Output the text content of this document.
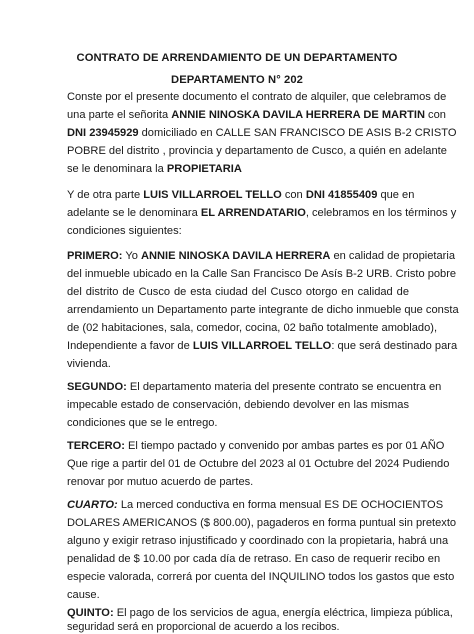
CONTRATO DE ARRENDAMIENTO DE UN DEPARTAMENTO
DEPARTAMENTO N° 202
Conste por el presente documento el contrato de alquiler, que celebramos de
una parte el señorita ANNIE NINOSKA DAVILA HERRERA DE MARTIN con
DNI 23945929 domiciliado en CALLE SAN FRANCISCO DE ASIS B-2 CRISTO
POBRE del distrito , provincia y departamento de Cusco, a quién en adelante
se le denominara la PROPIETARIA
Y de otra parte LUIS VILLARROEL TELLO con DNI 41855409 que en
adelante se le denominara EL ARRENDATARIO, celebramos en los términos y
condiciones siguientes:
PRIMERO: Yo ANNIE NINOSKA DAVILA HERRERA en calidad de propietaria
del inmueble ubicado en la Calle San Francisco De Asís B-2 URB. Cristo pobre
del distrito de Cusco de esta ciudad del Cusco otorgo en calidad de
arrendamiento un Departamento parte integrante de dicho inmueble que consta
de (02 habitaciones, sala, comedor, cocina, 02 baño totalmente amoblado),
Independiente a favor de LUIS VILLARROEL TELLO: que será destinado para
vivienda.
SEGUNDO: El departamento materia del presente contrato se encuentra en
impecable estado de conservación, debiendo devolver en las mismas
condiciones que se le entrego.
TERCERO: El tiempo pactado y convenido por ambas partes es por 01 AÑO
Que rige a partir del 01 de Octubre del 2023 al 01 Octubre del 2024 Pudiendo
renovar por mutuo acuerdo de partes.
CUARTO: La merced conductiva en forma mensual ES DE OCHOCIENTOS
DOLARES AMERICANOS ($ 800.00), pagaderos en forma puntual sin pretexto
alguno y exigir retraso injustificado y coordinado con la propietaria, habrá una
penalidad de $ 10.00 por cada día de retraso. En caso de requerir recibo en
especie valorada, correrá por cuenta del INQUILINO todos los gastos que esto
cause.
QUINTO: El pago de los servicios de agua, energía eléctrica, limpieza pública,
seguridad será en proporcional de acuerdo a los recibos.
